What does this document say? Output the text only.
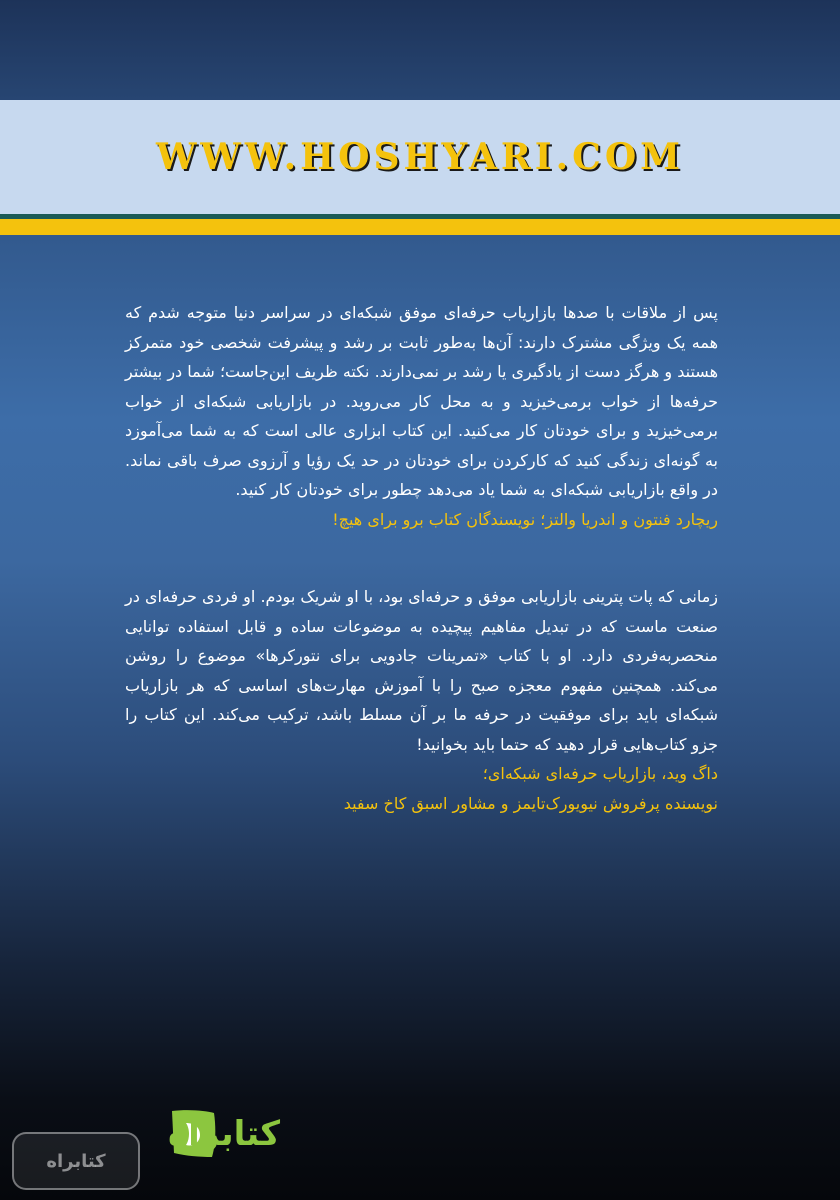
WWW.HOSHYARI.COM

پس از ملاقات با صدها بازاریاب حرفه‌ای موفق شبکه‌ای در سراسر دنیا متوجه شدم که همه یک ویژگی مشترک دارند: آن‌ها به‌طور ثابت بر رشد و پیشرفت شخصی خود متمرکز هستند و هرگز دست از یادگیری یا رشد بر نمی‌دارند. نکته ظریف این‌جاست؛ شما در بیشتر حرفه‌ها از خواب برمی‌خیزید و به محل کار می‌روید. در بازاریابی شبکه‌ای از خواب برمی‌خیزید و برای خودتان کار می‌کنید. این کتاب ابزاری عالی است که به شما می‌آموزد به گونه‌ای زندگی کنید که کارکردن برای خودتان در حد یک رؤیا و آرزوی صرف باقی نماند. در واقع بازاریابی شبکه‌ای به شما یاد می‌دهد چطور برای خودتان کار کنید.

ریچارد فنتون و اندریا والتز؛ نویسندگان کتاب برو برای هیچ!

زمانی که پات پترینی بازاریابی موفق و حرفه‌ای بود، با او شریک بودم. او فردی حرفه‌ای در صنعت ماست که در تبدیل مفاهیم پیچیده به موضوعات ساده و قابل استفاده توانایی منحصربه‌فردی دارد. او با کتاب «تمرینات جادویی برای نتورکرها» موضوع را روشن می‌کند. همچنین مفهوم معجزه صبح را با آموزش مهارت‌های اساسی که هر بازاریاب شبکه‌ای باید برای موفقیت در حرفه ما بر آن مسلط باشد، ترکیب می‌کند. این کتاب را جزو کتاب‌هایی قرار دهید که حتما باید بخوانید!

داگ وید، بازاریاب حرفه‌ای شبکه‌ای؛

نویسنده پرفروش نیویورک‌تایمز و مشاور اسبق کاخ سفید

کتابراه
کتابراه
